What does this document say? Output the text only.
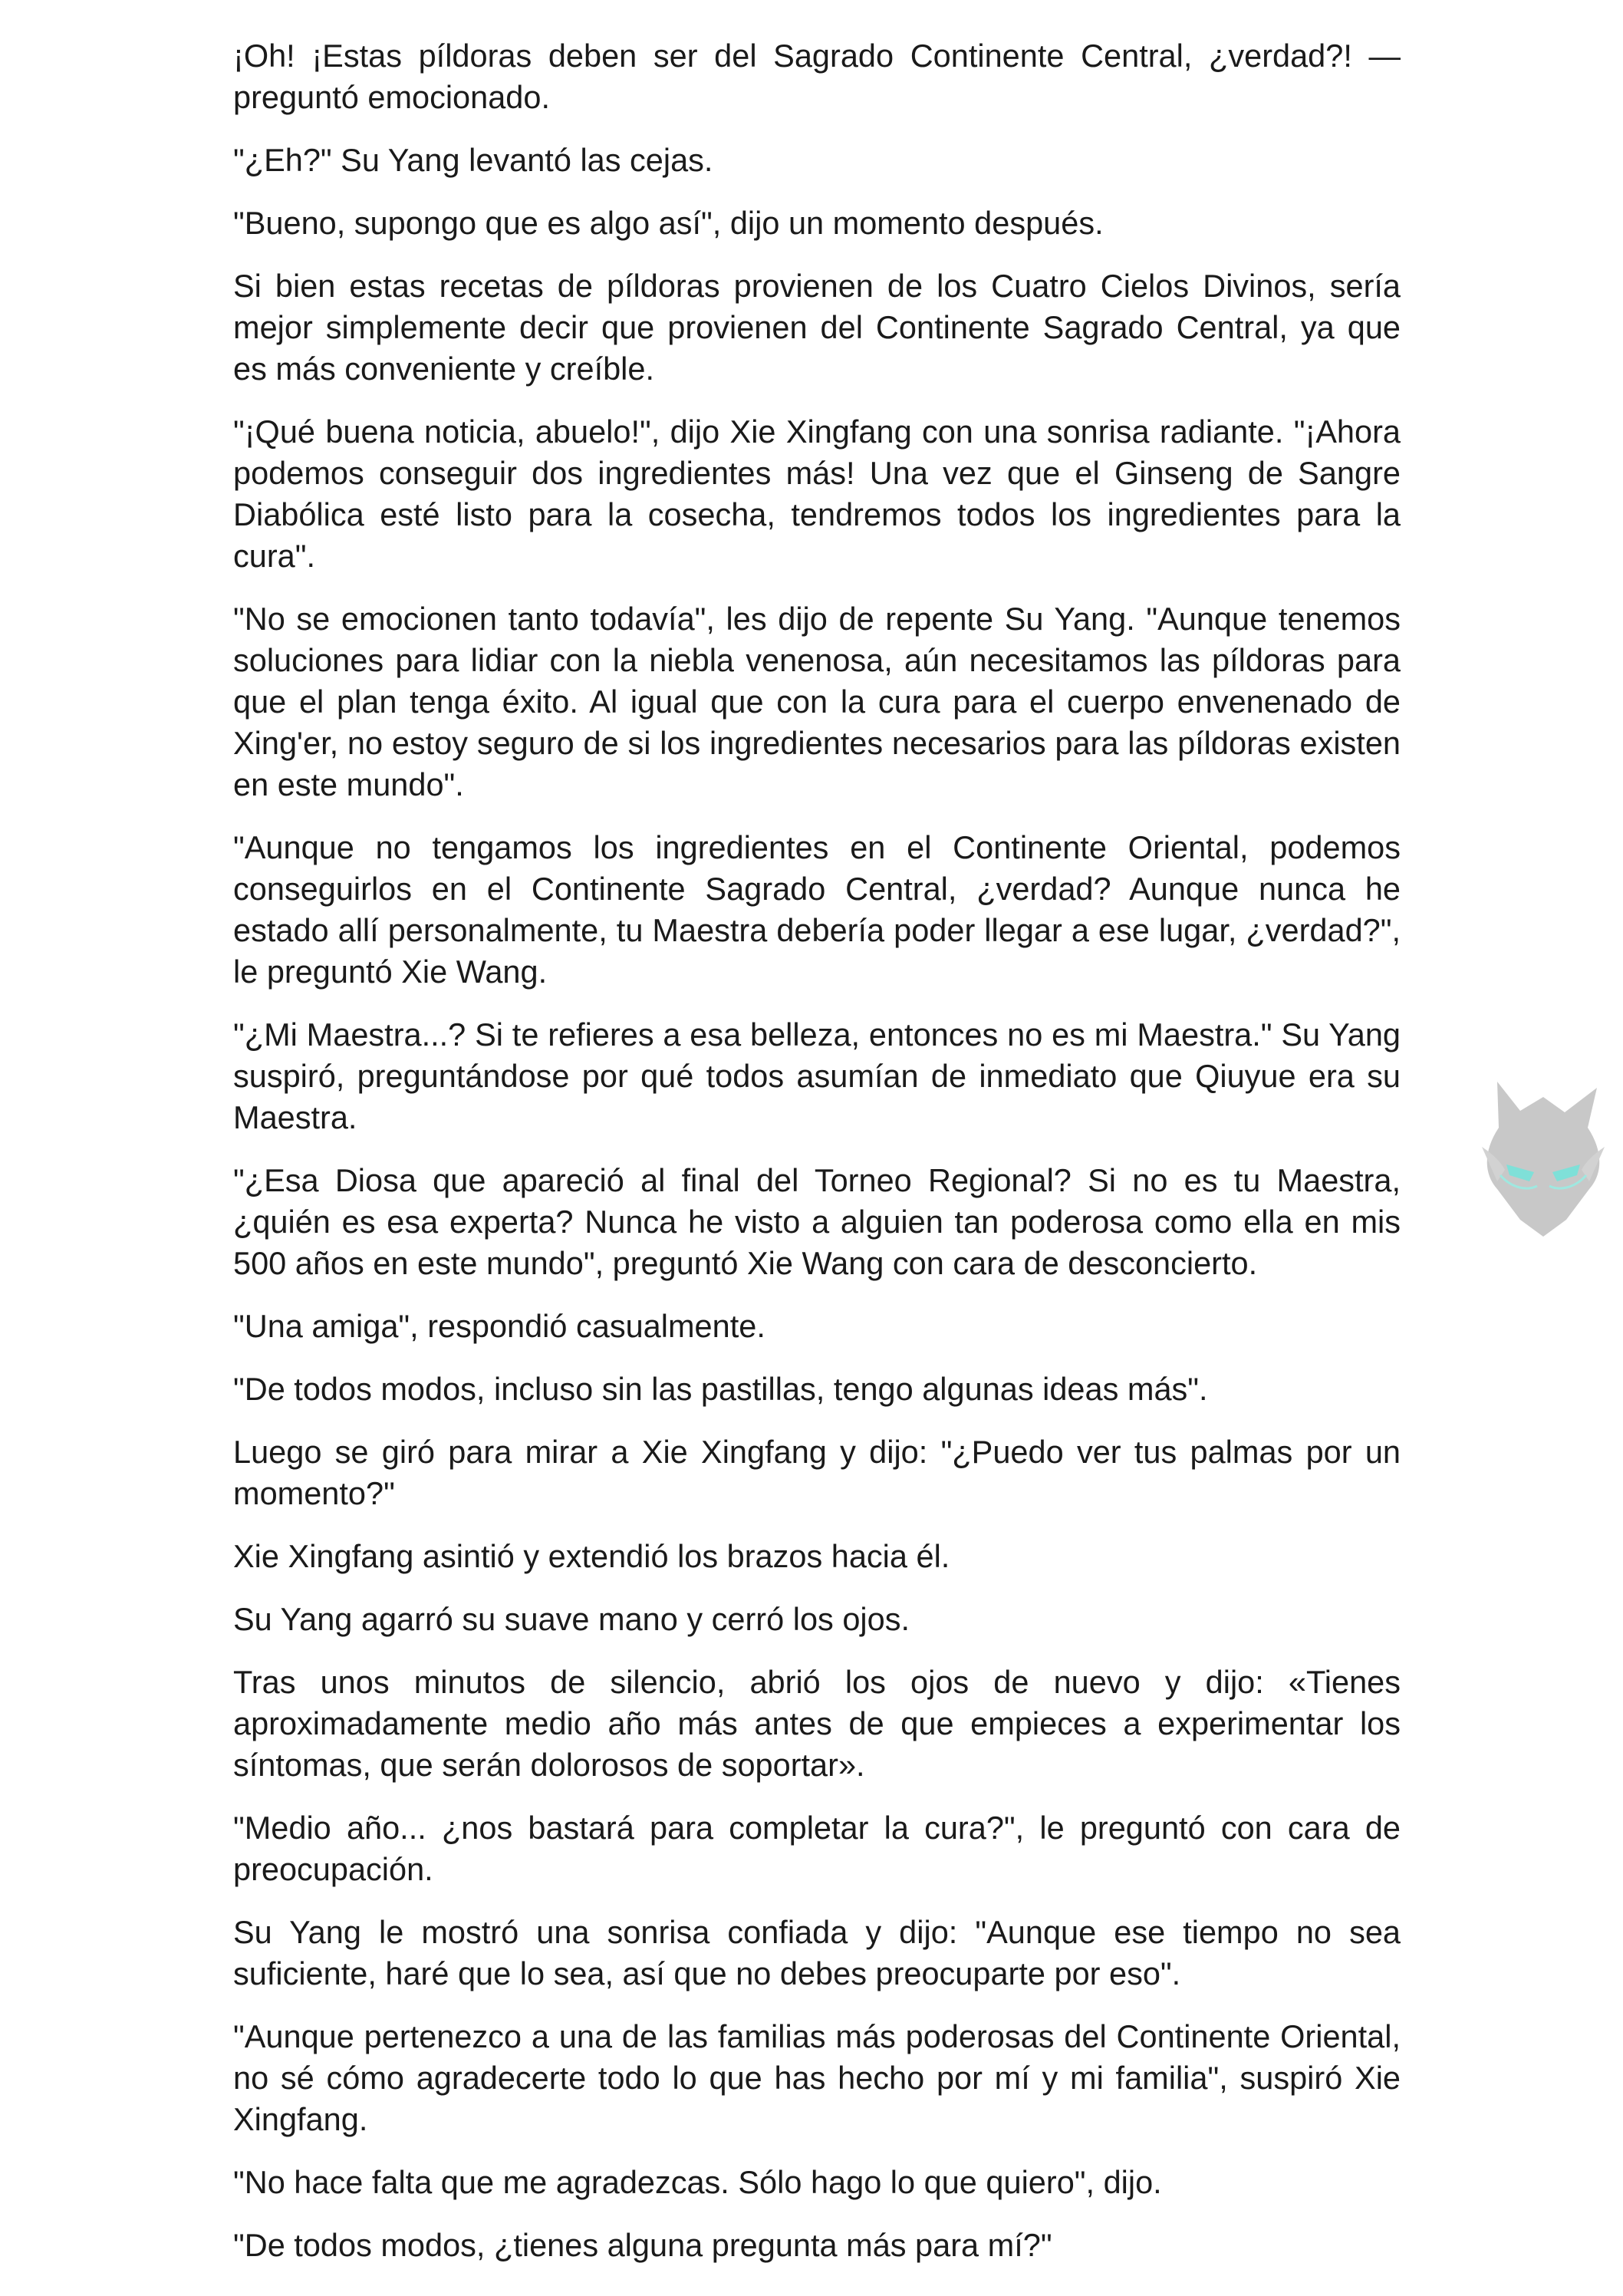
¡Oh! ¡Estas píldoras deben ser del Sagrado Continente Central, ¿verdad?! —preguntó emocionado.

"¿Eh?" Su Yang levantó las cejas.

"Bueno, supongo que es algo así", dijo un momento después.

Si bien estas recetas de píldoras provienen de los Cuatro Cielos Divinos, sería mejor simplemente decir que provienen del Continente Sagrado Central, ya que es más conveniente y creíble.

"¡Qué buena noticia, abuelo!", dijo Xie Xingfang con una sonrisa radiante. "¡Ahora podemos conseguir dos ingredientes más! Una vez que el Ginseng de Sangre Diabólica esté listo para la cosecha, tendremos todos los ingredientes para la cura".

"No se emocionen tanto todavía", les dijo de repente Su Yang. "Aunque tenemos soluciones para lidiar con la niebla venenosa, aún necesitamos las píldoras para que el plan tenga éxito. Al igual que con la cura para el cuerpo envenenado de Xing'er, no estoy seguro de si los ingredientes necesarios para las píldoras existen en este mundo".

"Aunque no tengamos los ingredientes en el Continente Oriental, podemos conseguirlos en el Continente Sagrado Central, ¿verdad? Aunque nunca he estado allí personalmente, tu Maestra debería poder llegar a ese lugar, ¿verdad?", le preguntó Xie Wang.

"¿Mi Maestra...? Si te refieres a esa belleza, entonces no es mi Maestra." Su Yang suspiró, preguntándose por qué todos asumían de inmediato que Qiuyue era su Maestra.

"¿Esa Diosa que apareció al final del Torneo Regional? Si no es tu Maestra, ¿quién es esa experta? Nunca he visto a alguien tan poderosa como ella en mis 500 años en este mundo", preguntó Xie Wang con cara de desconcierto.

"Una amiga", respondió casualmente.

"De todos modos, incluso sin las pastillas, tengo algunas ideas más".

Luego se giró para mirar a Xie Xingfang y dijo: "¿Puedo ver tus palmas por un momento?"

Xie Xingfang asintió y extendió los brazos hacia él.

Su Yang agarró su suave mano y cerró los ojos.

Tras unos minutos de silencio, abrió los ojos de nuevo y dijo: «Tienes aproximadamente medio año más antes de que empieces a experimentar los síntomas, que serán dolorosos de soportar».

"Medio año... ¿nos bastará para completar la cura?", le preguntó con cara de preocupación.

Su Yang le mostró una sonrisa confiada y dijo: "Aunque ese tiempo no sea suficiente, haré que lo sea, así que no debes preocuparte por eso".

"Aunque pertenezco a una de las familias más poderosas del Continente Oriental, no sé cómo agradecerte todo lo que has hecho por mí y mi familia", suspiró Xie Xingfang.

"No hace falta que me agradezcas. Sólo hago lo que quiero", dijo.

"De todos modos, ¿tienes alguna pregunta más para mí?"
